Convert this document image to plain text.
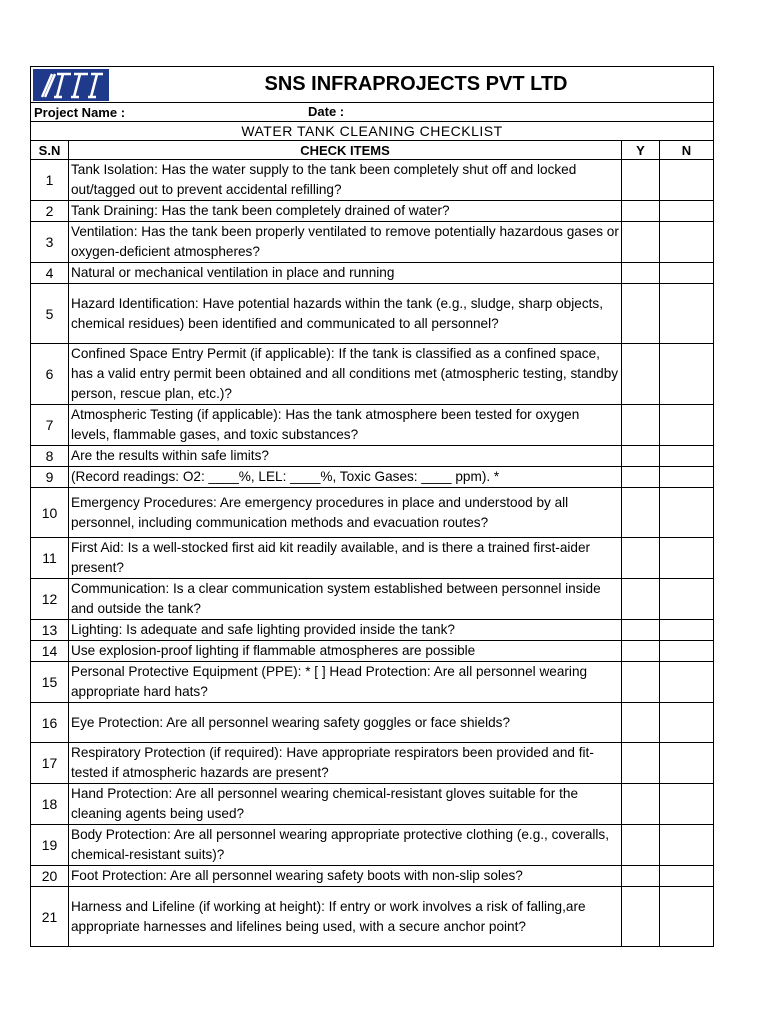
	SNS INFRAPROJECTS PVT LTD		
Project Name : Date :				

WATER TANK CLEANING CHECKLIST				
S.N	CHECK ITEMS		Y	N
1	Tank Isolation: Has the water supply to the tank been completely shut off and locked out/tagged out to prevent accidental refilling?			
2	Tank Draining: Has the tank been completely drained of water?			
3	Ventilation: Has the tank been properly ventilated to remove potentially hazardous gases or oxygen-deficient atmospheres?			
4	Natural or mechanical ventilation in place and running			
5	Hazard Identification: Have potential hazards within the tank (e.g., sludge, sharp objects, chemical residues) been identified and communicated to all personnel?			
6	Confined Space Entry Permit (if applicable): If the tank is classified as a confined space, has a valid entry permit been obtained and all conditions met (atmospheric testing, standby person, rescue plan, etc.)?			
7	Atmospheric Testing (if applicable): Has the tank atmosphere been tested for oxygen levels, flammable gases, and toxic substances?			
8	Are the results within safe limits?			
9	(Record readings: O2: ____%, LEL: ____%, Toxic Gases: ____ ppm). *			
10	Emergency Procedures: Are emergency procedures in place and understood by all personnel, including communication methods and evacuation routes?			
11	First Aid: Is a well-stocked first aid kit readily available, and is there a trained first-aider present?			
12	Communication: Is a clear communication system established between personnel inside and outside the tank?			
13	Lighting: Is adequate and safe lighting provided inside the tank?			
14	Use explosion-proof lighting if flammable atmospheres are possible			
15	Personal Protective Equipment (PPE): * [ ] Head Protection: Are all personnel wearing appropriate hard hats?			
16	Eye Protection: Are all personnel wearing safety goggles or face shields?			
17	Respiratory Protection (if required): Have appropriate respirators been provided and fit-tested if atmospheric hazards are present?			
18	Hand Protection: Are all personnel wearing chemical-resistant gloves suitable for the cleaning agents being used?			
19	Body Protection: Are all personnel wearing appropriate protective clothing (e.g., coveralls, chemical-resistant suits)?			
20	Foot Protection: Are all personnel wearing safety boots with non-slip soles?			
21	Harness and Lifeline (if working at height): If entry or work involves a risk of falling,are appropriate harnesses and lifelines being used, with a secure anchor point?			
